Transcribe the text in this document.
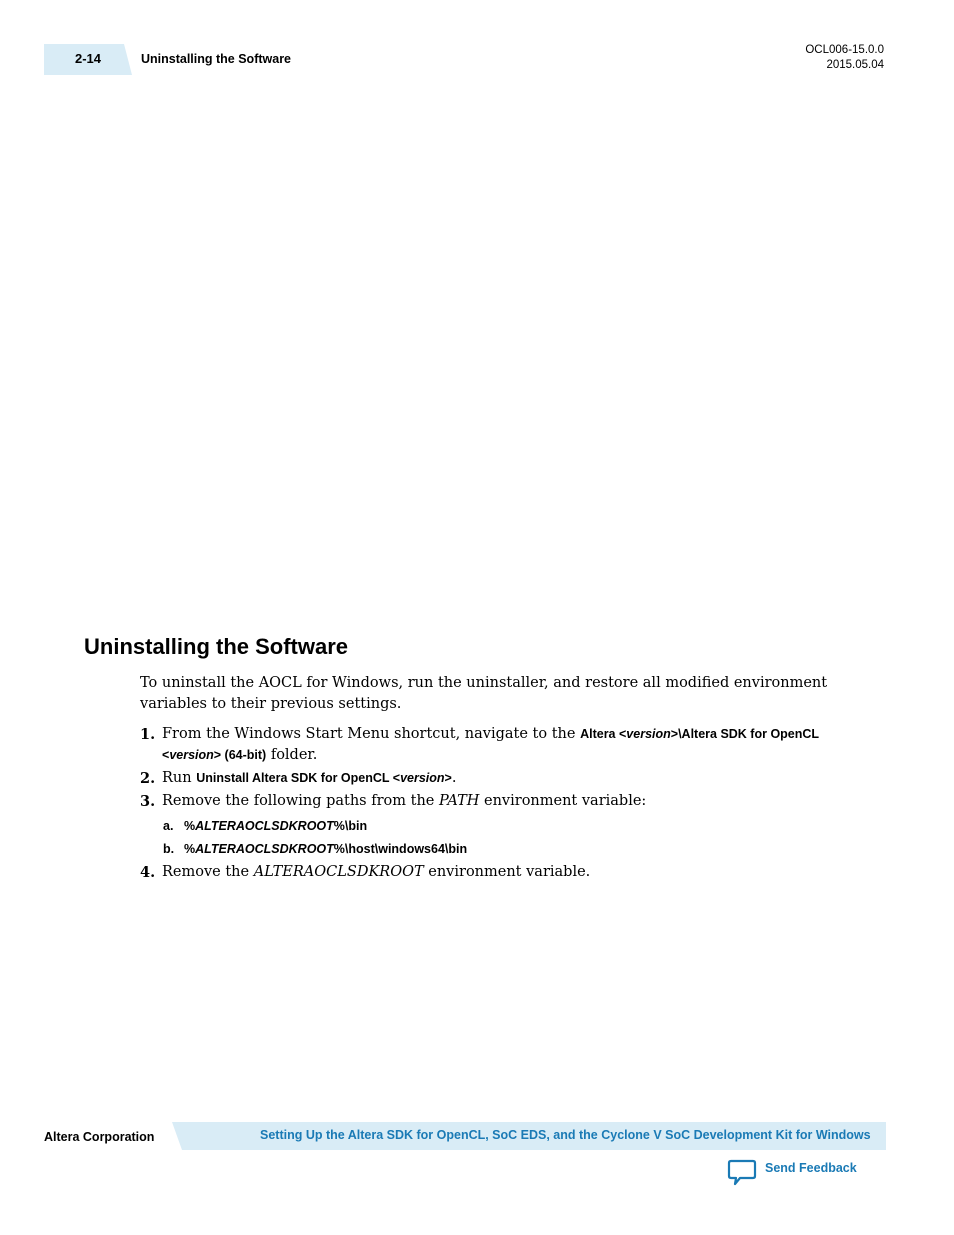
2-14	Uninstalling the Software
OCL006-15.0.0
2015.05.04
Uninstalling the Software

To uninstall the AOCL for Windows, run the uninstaller, and restore all modified environment variables to their previous settings.

1. From the Windows Start Menu shortcut, navigate to the Altera <version>\Altera SDK for OpenCL <version> (64-bit) folder.
2. Run Uninstall Altera SDK for OpenCL <version>.
3. Remove the following paths from the PATH environment variable:
a. %ALTERAOCLSDKROOT%\bin
b. %ALTERAOCLSDKROOT%\host\windows64\bin
4. Remove the ALTERAOCLSDKROOT environment variable.
Altera Corporation	Setting Up the Altera SDK for OpenCL, SoC EDS, and the Cyclone V SoC Development Kit for Windows
Send Feedback
